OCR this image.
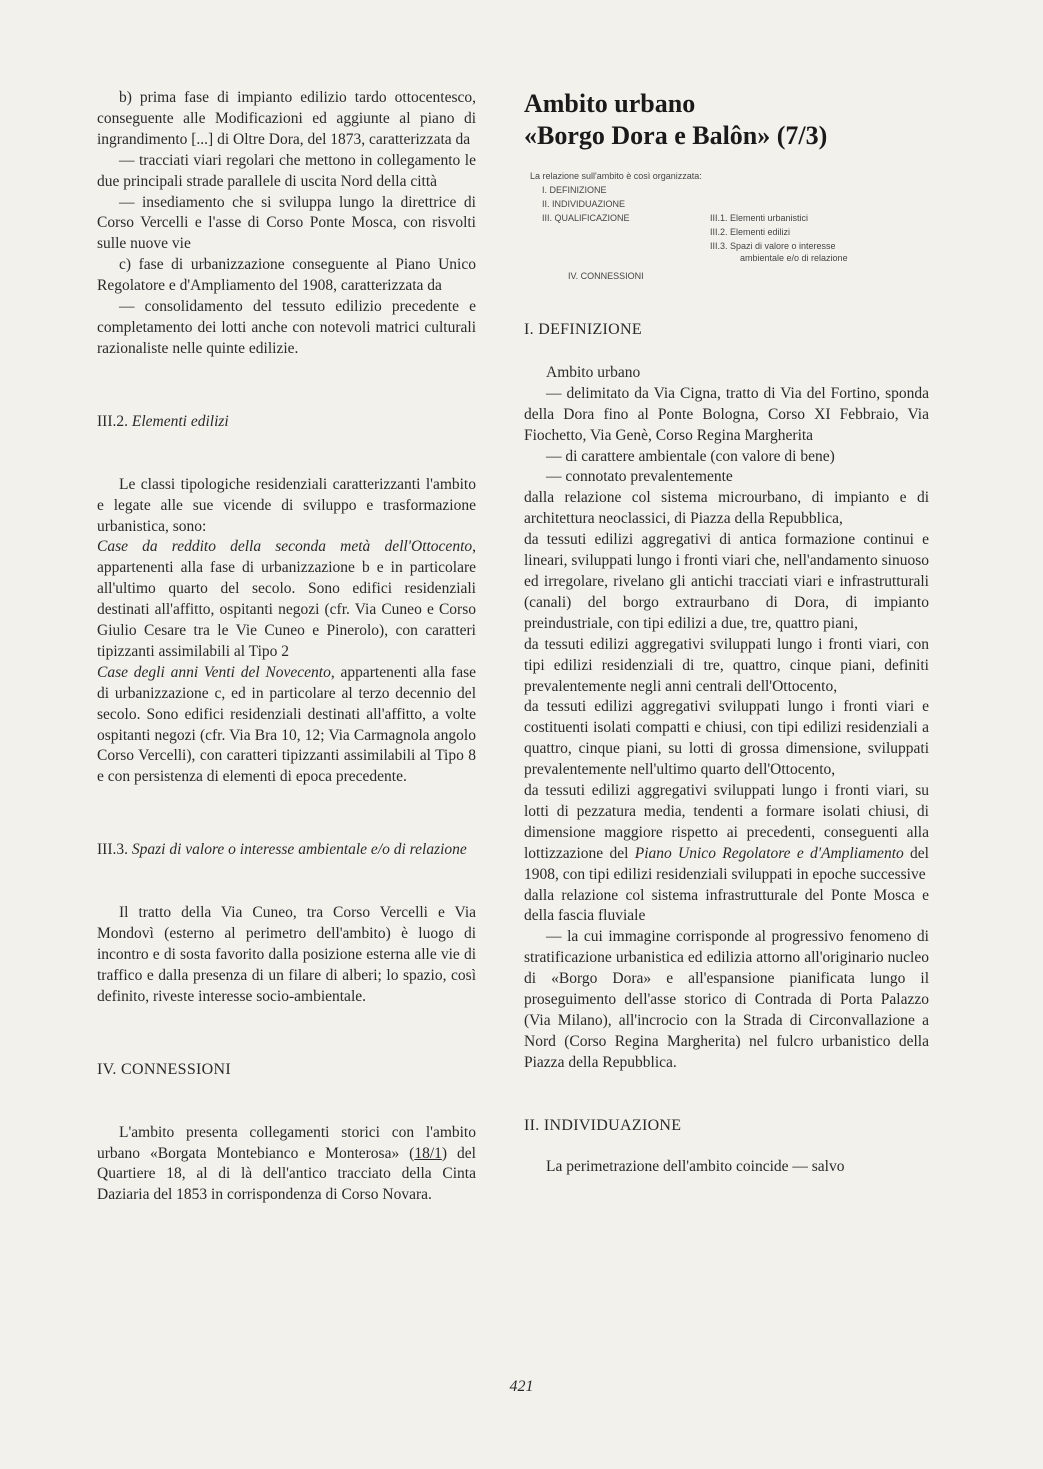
b) prima fase di impianto edilizio tardo ottocentesco, conseguente alle Modificazioni ed aggiunte al piano di ingrandimento [...] di Oltre Dora, del 1873, caratterizzata da

— tracciati viari regolari che mettono in collegamento le due principali strade parallele di uscita Nord della città

— insediamento che si sviluppa lungo la direttrice di Corso Vercelli e l'asse di Corso Ponte Mosca, con risvolti sulle nuove vie

c) fase di urbanizzazione conseguente al Piano Unico Regolatore e d'Ampliamento del 1908, caratterizzata da

— consolidamento del tessuto edilizio precedente e completamento dei lotti anche con notevoli matrici culturali razionaliste nelle quinte edilizie.

III.2. Elementi edilizi

Le classi tipologiche residenziali caratterizzanti l'ambito e legate alle sue vicende di sviluppo e trasformazione urbanistica, sono:

Case da reddito della seconda metà dell'Ottocento, appartenenti alla fase di urbanizzazione b e in particolare all'ultimo quarto del secolo. Sono edifici residenziali destinati all'affitto, ospitanti negozi (cfr. Via Cuneo e Corso Giulio Cesare tra le Vie Cuneo e Pinerolo), con caratteri tipizzanti assimilabili al Tipo 2

Case degli anni Venti del Novecento, appartenenti alla fase di urbanizzazione c, ed in particolare al terzo decennio del secolo. Sono edifici residenziali destinati all'affitto, a volte ospitanti negozi (cfr. Via Bra 10, 12; Via Carmagnola angolo Corso Vercelli), con caratteri tipizzanti assimilabili al Tipo 8 e con persistenza di elementi di epoca precedente.

III.3. Spazi di valore o interesse ambientale e/o di relazione

Il tratto della Via Cuneo, tra Corso Vercelli e Via Mondovì (esterno al perimetro dell'ambito) è luogo di incontro e di sosta favorito dalla posizione esterna alle vie di traffico e dalla presenza di un filare di alberi; lo spazio, così definito, riveste interesse socio-ambientale.

IV. CONNESSIONI

L'ambito presenta collegamenti storici con l'ambito urbano «Borgata Montebianco e Monterosa» (18/1) del Quartiere 18, al di là dell'antico tracciato della Cinta Daziaria del 1853 in corrispondenza di Corso Novara.

Ambito urbano
«Borgo Dora e Balôn» (7/3)
La relazione sull'ambito è così organizzata:
I. DEFINIZIONE
II. INDIVIDUAZIONE
III. QUALIFICAZIONE	III.1. Elementi urbanistici
III.2. Elementi edilizi
III.3. Spazi di valore o interesse
ambientale e/o di relazione
IV. CONNESSIONI
I. DEFINIZIONE

Ambito urbano

— delimitato da Via Cigna, tratto di Via del Fortino, sponda della Dora fino al Ponte Bologna, Corso XI Febbraio, Via Fiochetto, Via Genè, Corso Regina Margherita

— di carattere ambientale (con valore di bene)

— connotato prevalentemente

dalla relazione col sistema microurbano, di impianto e di architettura neoclassici, di Piazza della Repubblica,

da tessuti edilizi aggregativi di antica formazione continui e lineari, sviluppati lungo i fronti viari che, nell'andamento sinuoso ed irregolare, rivelano gli antichi tracciati viari e infrastrutturali (canali) del borgo extraurbano di Dora, di impianto preindustriale, con tipi edilizi a due, tre, quattro piani,

da tessuti edilizi aggregativi sviluppati lungo i fronti viari, con tipi edilizi residenziali di tre, quattro, cinque piani, definiti prevalentemente negli anni centrali dell'Ottocento,

da tessuti edilizi aggregativi sviluppati lungo i fronti viari e costituenti isolati compatti e chiusi, con tipi edilizi residenziali a quattro, cinque piani, su lotti di grossa dimensione, sviluppati prevalentemente nell'ultimo quarto dell'Ottocento,

da tessuti edilizi aggregativi sviluppati lungo i fronti viari, su lotti di pezzatura media, tendenti a formare isolati chiusi, di dimensione maggiore rispetto ai precedenti, conseguenti alla lottizzazione del Piano Unico Regolatore e d'Ampliamento del 1908, con tipi edilizi residenziali sviluppati in epoche successive

dalla relazione col sistema infrastrutturale del Ponte Mosca e della fascia fluviale

— la cui immagine corrisponde al progressivo fenomeno di stratificazione urbanistica ed edilizia attorno all'originario nucleo di «Borgo Dora» e all'espansione pianificata lungo il proseguimento dell'asse storico di Contrada di Porta Palazzo (Via Milano), all'incrocio con la Strada di Circonvallazione a Nord (Corso Regina Margherita) nel fulcro urbanistico della Piazza della Repubblica.

II. INDIVIDUAZIONE

La perimetrazione dell'ambito coincide — salvo

421
